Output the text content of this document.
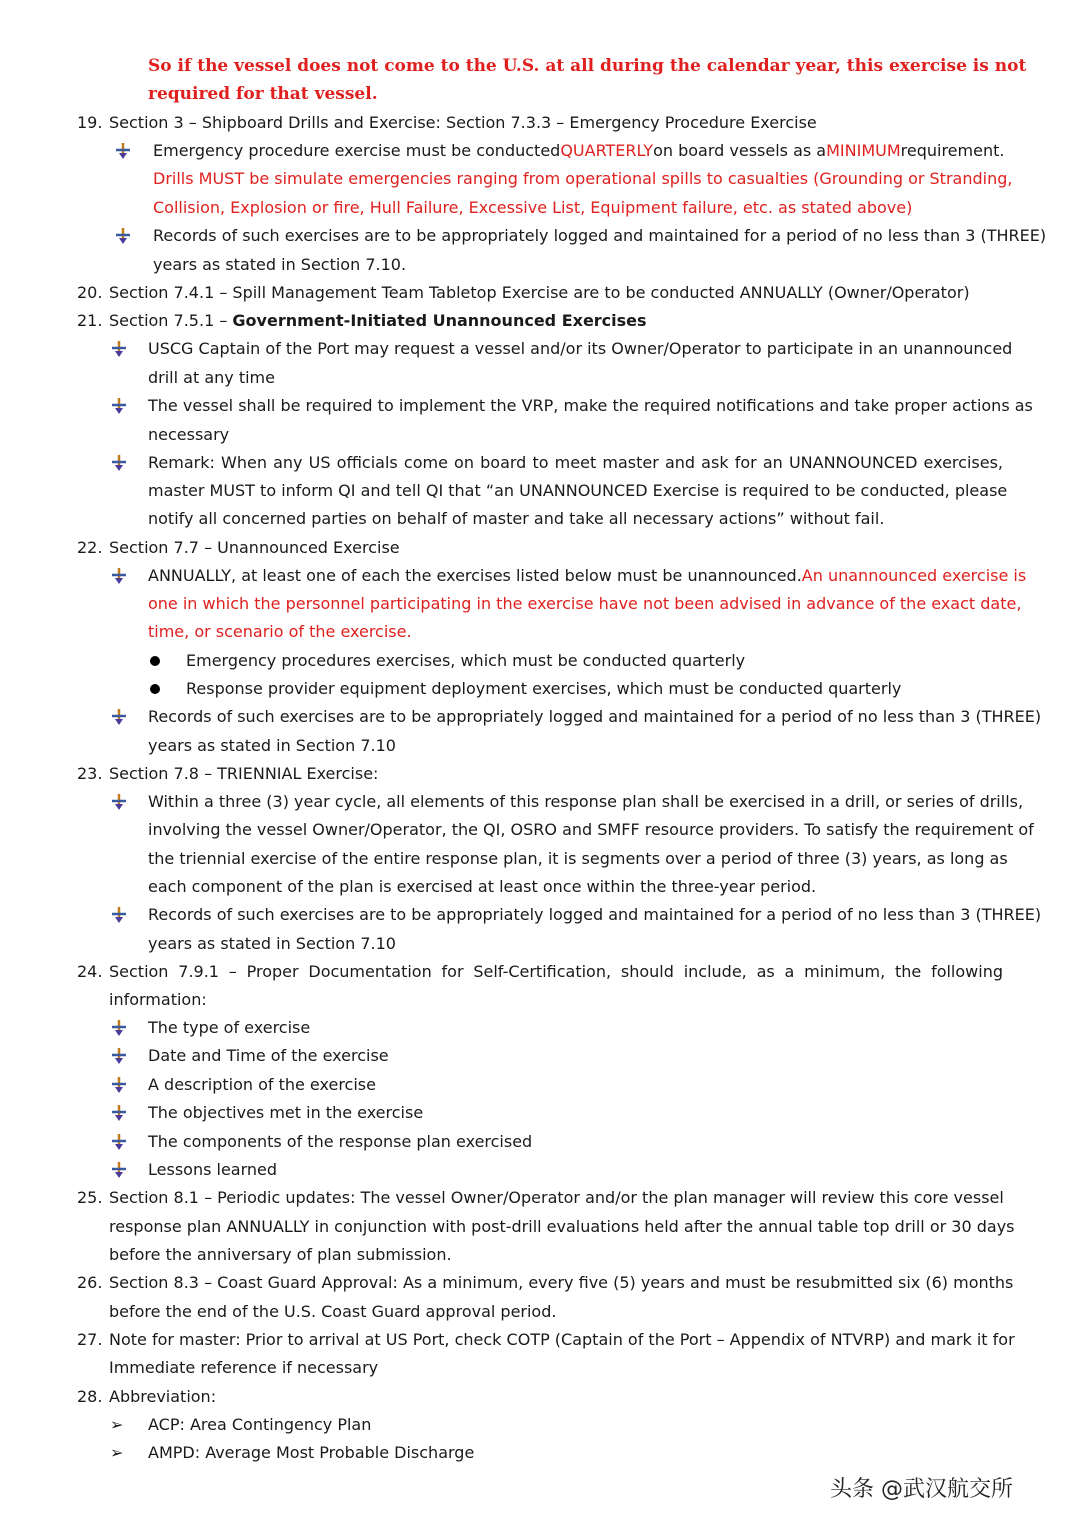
So if the vessel does not come to the U.S. at all during the calendar year, this exercise is not
required for that vessel.
19. Section 3 – Shipboard Drills and Exercise: Section 7.3.3 – Emergency Procedure Exercise
Emergency procedure exercise must be conducted QUARTERLY on board vessels as a MINIMUM requirement.
Drills MUST be simulate emergencies ranging from operational spills to casualties (Grounding or Stranding,
Collision, Explosion or fire, Hull Failure, Excessive List, Equipment failure, etc. as stated above)
Records of such exercises are to be appropriately logged and maintained for a period of no less than 3 (THREE)
years as stated in Section 7.10.
20. Section 7.4.1 – Spill Management Team Tabletop Exercise are to be conducted ANNUALLY (Owner/Operator)
21. Section 7.5.1 – Government-Initiated Unannounced Exercises
USCG Captain of the Port may request a vessel and/or its Owner/Operator to participate in an unannounced
drill at any time
The vessel shall be required to implement the VRP, make the required notifications and take proper actions as
necessary
Remark: When any US officials come on board to meet master and ask for an UNANNOUNCED exercises,
master MUST to inform QI and tell QI that “an UNANNOUNCED Exercise is required to be conducted, please
notify all concerned parties on behalf of master and take all necessary actions” without fail.
22. Section 7.7 – Unannounced Exercise
ANNUALLY, at least one of each the exercises listed below must be unannounced. An unannounced exercise is
one in which the personnel participating in the exercise have not been advised in advance of the exact date,
time, or scenario of the exercise.
Emergency procedures exercises, which must be conducted quarterly
Response provider equipment deployment exercises, which must be conducted quarterly
Records of such exercises are to be appropriately logged and maintained for a period of no less than 3 (THREE)
years as stated in Section 7.10
23. Section 7.8 – TRIENNIAL Exercise:
Within a three (3) year cycle, all elements of this response plan shall be exercised in a drill, or series of drills,
involving the vessel Owner/Operator, the QI, OSRO and SMFF resource providers. To satisfy the requirement of
the triennial exercise of the entire response plan, it is segments over a period of three (3) years, as long as
each component of the plan is exercised at least once within the three-year period.
Records of such exercises are to be appropriately logged and maintained for a period of no less than 3 (THREE)
years as stated in Section 7.10
24. Section 7.9.1 – Proper Documentation for Self-Certification, should include, as a minimum, the following
information:
The type of exercise
Date and Time of the exercise
A description of the exercise
The objectives met in the exercise
The components of the response plan exercised
Lessons learned
25. Section 8.1 – Periodic updates: The vessel Owner/Operator and/or the plan manager will review this core vessel
response plan ANNUALLY in conjunction with post-drill evaluations held after the annual table top drill or 30 days
before the anniversary of plan submission.
26. Section 8.3 – Coast Guard Approval: As a minimum, every five (5) years and must be resubmitted six (6) months
before the end of the U.S. Coast Guard approval period.
27. Note for master: Prior to arrival at US Port, check COTP (Captain of the Port – Appendix of NTVRP) and mark it for
Immediate reference if necessary
28. Abbreviation:
➢ ACP: Area Contingency Plan
➢ AMPD: Average Most Probable Discharge
头条 @武汉航交所
